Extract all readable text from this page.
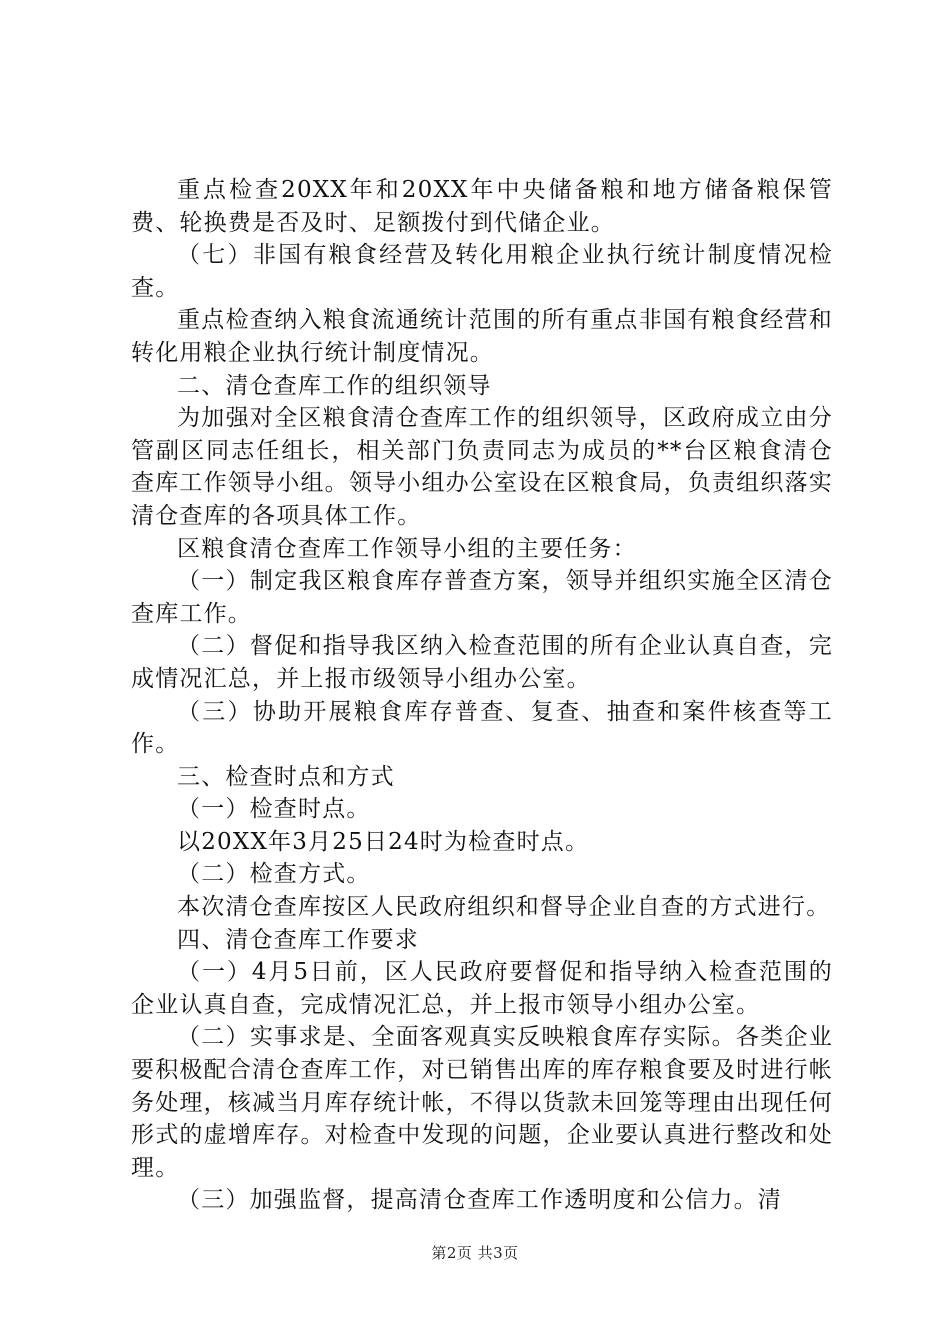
重点检查20XX年和20XX年中央储备粮和地方储备粮保管费、轮换费是否及时、足额拨付到代储企业。

（七）非国有粮食经营及转化用粮企业执行统计制度情况检查。

重点检查纳入粮食流通统计范围的所有重点非国有粮食经营和转化用粮企业执行统计制度情况。

二、清仓查库工作的组织领导

为加强对全区粮食清仓查库工作的组织领导，区政府成立由分管副区同志任组长，相关部门负责同志为成员的**台区粮食清仓查库工作领导小组。领导小组办公室设在区粮食局，负责组织落实清仓查库的各项具体工作。

区粮食清仓查库工作领导小组的主要任务：

（一）制定我区粮食库存普查方案，领导并组织实施全区清仓查库工作。

（二）督促和指导我区纳入检查范围的所有企业认真自查，完成情况汇总，并上报市级领导小组办公室。

（三）协助开展粮食库存普查、复查、抽查和案件核查等工作。

三、检查时点和方式

（一）检查时点。

以20XX年3月25日24时为检查时点。

（二）检查方式。

本次清仓查库按区人民政府组织和督导企业自查的方式进行。

四、清仓查库工作要求

（一）4月5日前，区人民政府要督促和指导纳入检查范围的企业认真自查，完成情况汇总，并上报市领导小组办公室。

（二）实事求是、全面客观真实反映粮食库存实际。各类企业要积极配合清仓查库工作，对已销售出库的库存粮食要及时进行帐务处理，核减当月库存统计帐，不得以货款未回笼等理由出现任何形式的虚增库存。对检查中发现的问题，企业要认真进行整改和处理。

（三）加强监督，提高清仓查库工作透明度和公信力。清

第2页 共3页
